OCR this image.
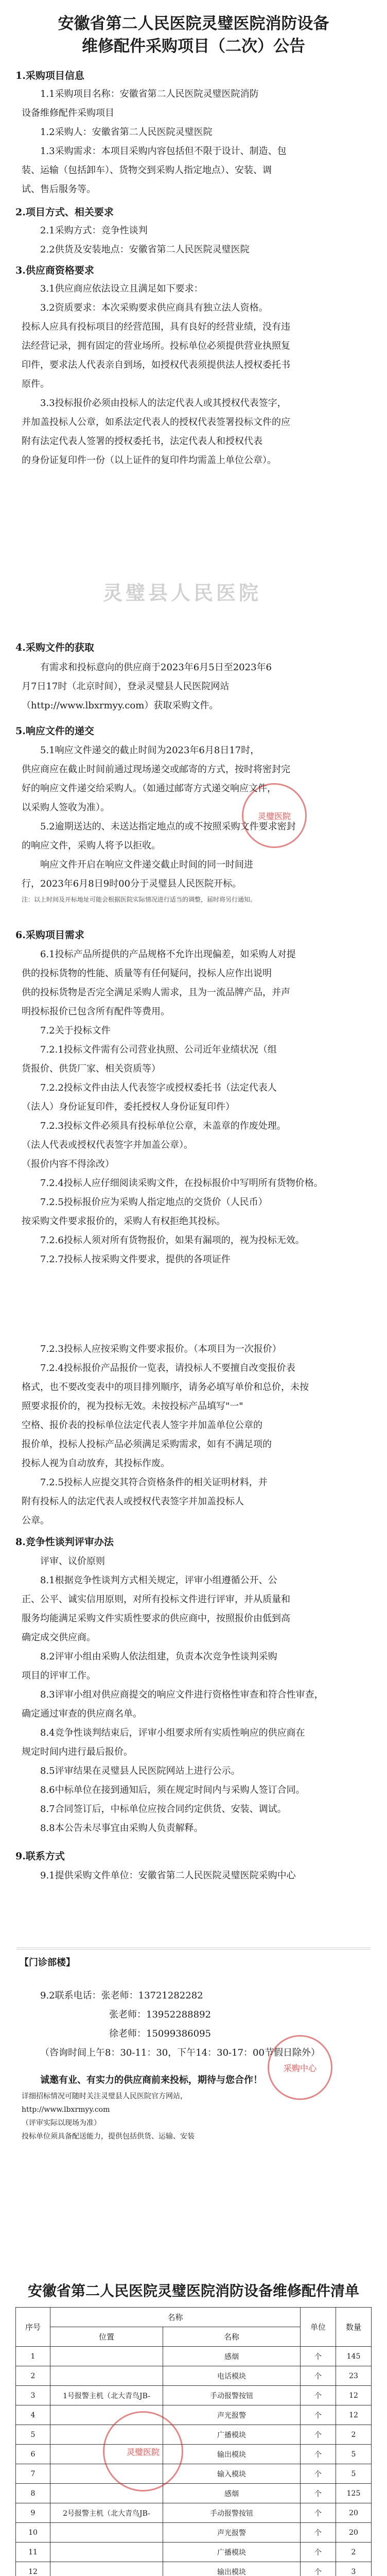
安徽省第二人民医院灵璧医院消防设备
维修配件采购项目（二次）公告
1.采购项目信息
1.1采购项目名称：安徽省第二人民医院灵璧医院消防
设备维修配件采购项目
1.2采购人：安徽省第二人民医院灵璧医院
1.3采购需求：本项目采购内容包括但不限于设计、制造、包
装、运输（包括卸车）、货物交到采购人指定地点）、安装、调
试、售后服务等。
2.项目方式、相关要求
2.1采购方式：竞争性谈判
2.2供货及安装地点：安徽省第二人民医院灵璧医院
3.供应商资格要求
3.1供应商应依法设立且满足如下要求：
3.2资质要求：本次采购要求供应商具有独立法人资格。
投标人应具有投标项目的经营范围，具有良好的经营业绩，没有违
法经营记录，拥有固定的营业场所。投标单位必须提供营业执照复
印件，要求法人代表亲自到场，如授权代表须提供法人授权委托书
原件。
3.3投标报价必须由投标人的法定代表人或其授权代表签字，
并加盖投标人公章，如系法定代表人的授权代表签署投标文件的应
附有法定代表人签署的授权委托书，法定代表人和授权代表
的身份证复印件一份（以上证件的复印件均需盖上单位公章）。
4.采购文件的获取
有需求和投标意向的供应商于2023年6月5日至2023年6
月7日17时（北京时间），登录灵璧县人民医院网站
（http://www.lbxrmyy.com）获取采购文件。
5.响应文件的递交
5.1响应文件递交的截止时间为2023年6月8日17时，
供应商应在截止时间前通过现场递交或邮寄的方式，按时将密封完
好的响应文件递交给采购人。（如通过邮寄方式递交响应文件，
以采购人签收为准）。
5.2逾期送达的、未送达指定地点的或不按照采购文件要求密封
的响应文件，采购人将予以拒收。
响应文件开启在响应文件递交截止时间的同一时间进
行，2023年6月8日9时00分于灵璧县人民医院开标。
注：以上时间及开标地址可能会根据医院实际情况进行适当的调整，届时将另行通知。
6.采购项目需求
6.1投标产品所提供的产品规格不允许出现偏差，如采购人对提
供的投标货物的性能、质量等有任何疑问，投标人应作出说明
供的投标货物是否完全满足采购人需求，且为一流品牌产品，并声
明投标报价已包含所有配件等费用。
7.2关于投标文件
7.2.1投标文件需有公司营业执照、公司近年业绩状况（组
货报价、供货厂家、相关资质等）
7.2.2投标文件由法人代表签字或授权委托书（法定代表人
（法人）身份证复印件，委托授权人身份证复印件）
7.2.3投标文件必须具有投标单位公章，未盖章的作废处理。
（法人代表或授权代表签字并加盖公章）。
（报价内容不得涂改）
7.2.4投标人应仔细阅读采购文件，在投标报价中写明所有货物价格。
7.2.5投标报价应为采购人指定地点的交货价（人民币）
按采购文件要求报价的，采购人有权拒绝其投标。
7.2.6投标人须对所有货物报价，如果有漏项的，视为投标无效。
7.2.7投标人按采购文件要求，提供的各项证件
7.2.3投标人应按采购文件要求报价。（本项目为一次报价）
7.2.4投标报价产品报价一览表，请投标人不要擅自改变报价表
格式，也不要改变表中的项目排列顺序，请务必填写单价和总价，未按
照要求报价的，视为投标无效。未按投标产品填写"一"
空格、报价表的投标单位法定代表人签字并加盖单位公章的
报价单，投标人投标产品必须满足采购需求，如有不满足项的
投标人视为自动放弃，其投标作废。
7.2.5投标人应提交其符合资格条件的相关证明材料，并
附有投标人的法定代表人或授权代表签字并加盖投标人
公章。
8.竞争性谈判评审办法
评审、议价原则
8.1根据竞争性谈判方式相关规定，评审小组遵循公开、公
正、公平、诚实信用原则，对所有投标文件进行评审，并从质量和
服务均能满足采购文件实质性要求的供应商中，按照报价由低到高
确定成交供应商。
8.2评审小组由采购人依法组建，负责本次竞争性谈判采购
项目的评审工作。
8.3评审小组对供应商提交的响应文件进行资格性审查和符合性审查，
确定通过审查的供应商名单。
8.4竞争性谈判结束后，评审小组要求所有实质性响应的供应商在
规定时间内进行最后报价。
8.5评审结果在灵璧县人民医院网站上进行公示。
8.6中标单位在接到通知后，须在规定时间内与采购人签订合同。
8.7合同签订后，中标单位应按合同约定供货、安装、调试。
8.8本公告未尽事宜由采购人负责解释。
9.联系方式
9.1提供采购文件单位：安徽省第二人民医院灵璧医院采购中心
【门诊部楼】
9.2联系电话：张老师：13721282282
张老师：13952288892
徐老师：15099386095
（咨询时间上午8：30-11：30，下午14：30-17：00节假日除外）
诚邀有业、有实力的供应商前来投标，期待与您合作！
详细招标情况可随时关注灵璧县人民医院官方网站，
http://www.lbxrmyy.com
（评审实际以现场为准）
投标单位须具备配送能力，提供包括供货、运输、安装
安徽省第二人民医院灵璧医院消防设备维修配件清单
序号	名称		单位	数量
	位置	名称		
1		感烟	个	145
2		电话模块	个	23
3	1号报警主机（北大青鸟JB-	手动报警按钮	个	12
4		声光报警	个	12
5		广播模块	个	2
6		输出模块	个	5
7		输入模块	个	5
8		感烟	个	125
9	2号报警主机（北大青鸟JB-	手动报警按钮	个	20
10		声光报警	个	20
11		广播模块	个	2
12		输出模块	个	3

灵璧医院
采购中心
灵璧医院
灵璧县人民医院
